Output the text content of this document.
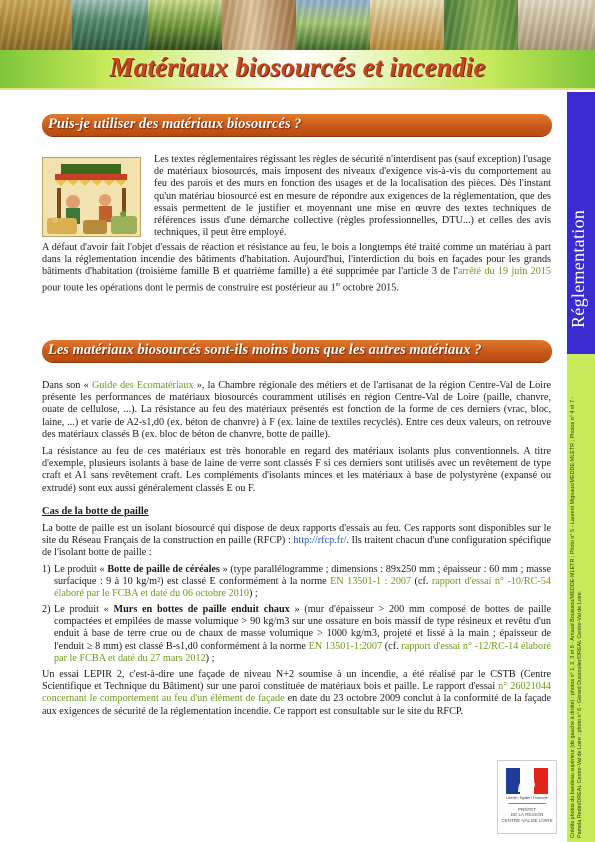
Matériaux biosourcés et incendie
Réglementation
Crédits photos du bandeau supérieur (de gauche à droite) : photos n° 1, 2, 3 et 8 - Arnaud Bouissou/MEDDE-MLETR ; Photo n° 5 - Laurent Mignaux/MEDDE-MLETR ; Photos n° 4 et 7 - Pamela Redin/DREAL Centre-Val de Loire ; photo n° 6 - Gérard Dussoulier/DREAL Centre-Val de Loire.
Puis-je utiliser des matériaux biosourcés ?

Les textes réglementaires régissant les règles de sécurité n'interdisent pas (sauf exception) l'usage de matériaux biosourcés, mais imposent des niveaux d'exigence vis-à-vis du comportement au feu des parois et des murs en fonction des usages et de la localisation des pièces. Dès l'instant qu'un matériau biosourcé est en mesure de répondre aux exigences de la réglementation, que des essais permettent de le justifier et moyennant une mise en œuvre des textes techniques de références issus d'une démarche collective (règles professionnelles, DTU...) et celles des avis techniques, il peut être employé.

A défaut d'avoir fait l'objet d'essais de réaction et résistance au feu, le bois a longtemps été traité comme un matériau à part dans la réglementation incendie des bâtiments d'habitation. Aujourd'hui, l'interdiction du bois en façades pour les grands bâtiments d'habitation (troisième famille B et quatrième famille) a été supprimée par l'article 3 de l'arrêté du 19 juin 2015 pour toute les opérations dont le permis de construire est postérieur au 1er octobre 2015.

Les matériaux biosourcés sont-ils moins bons que les autres matériaux ?

Dans son « Guide des Ecomatériaux », la Chambre régionale des métiers et de l'artisanat de la région Centre-Val de Loire présente les performances de matériaux biosourcés couramment utilisés en région Centre-Val de Loire (paille, chanvre, ouate de cellulose, ...). La résistance au feu des matériaux présentés est fonction de la forme de ces derniers (vrac, bloc, laine, ...) et varie de A2-s1,d0 (ex. béton de chanvre) à F (ex. laine de textiles recyclés). Entre ces deux valeurs, on retrouve des matériaux classés B (ex. bloc de béton de chanvre, botte de paille).

La résistance au feu de ces matériaux est très honorable en regard des matériaux isolants plus conventionnels. A titre d'exemple, plusieurs isolants à base de laine de verre sont classés F si ces derniers sont utilisés avec un revêtement de type craft et A1 sans revêtement craft. Les compléments d'isolants minces et les matériaux à base de polystyrène (expansé ou extrudé) sont eux aussi généralement classés E ou F.

Cas de la botte de paille

La botte de paille est un isolant biosourcé qui dispose de deux rapports d'essais au feu. Ces rapports sont disponibles sur le site du Réseau Français de la construction en paille (RFCP) : http://rfcp.fr/. Ils traitent chacun d'une configuration spécifique de l'isolant botte de paille :

1) Le produit « Botte de paille de céréales » (type parallélogramme ; dimensions : 89x250 mm ; épaisseur : 60 mm ; masse surfacique : 9 à 10 kg/m²) est classé E conformément à la norme EN 13501-1 : 2007 (cf. rapport d'essai n° -10/RC-54 élaboré par le FCBA et daté du 06 octobre 2010) ;
2) Le produit « Murs en bottes de paille enduit chaux » (mur d'épaisseur > 200 mm composé de bottes de paille compactées et empilées de masse volumique > 90 kg/m3 sur une ossature en bois massif de type résineux et revêtu d'un enduit à base de terre crue ou de chaux de masse volumique > 1000 kg/m3, projeté et lissé à la main ; épaisseur de l'enduit ≥ 8 mm) est classé B-s1,d0 conformément à la norme EN 13501-1:2007 (cf. rapport d'essai n° -12/RC-14 élaboré par le FCBA et daté du 27 mars 2012) ;

Un essai LEPIR 2, c'est-à-dire une façade de niveau N+2 soumise à un incendie, a été réalisé par le CSTB (Centre Scientifique et Technique du Bâtiment) sur une paroi constituée de matériaux bois et paille. Le rapport d'essai n° 26021044 concernant le comportement au feu d'un élément de façade en date du 23 octobre 2009 conclut à la conformité de la façade aux exigences de sécurité de la réglementation incendie. Ce rapport est consultable sur le site du RFCP.

Liberté • Égalité • Fraternité
PRÉFET
DE LA RÉGION
CENTRE-VAL DE LOIRE
